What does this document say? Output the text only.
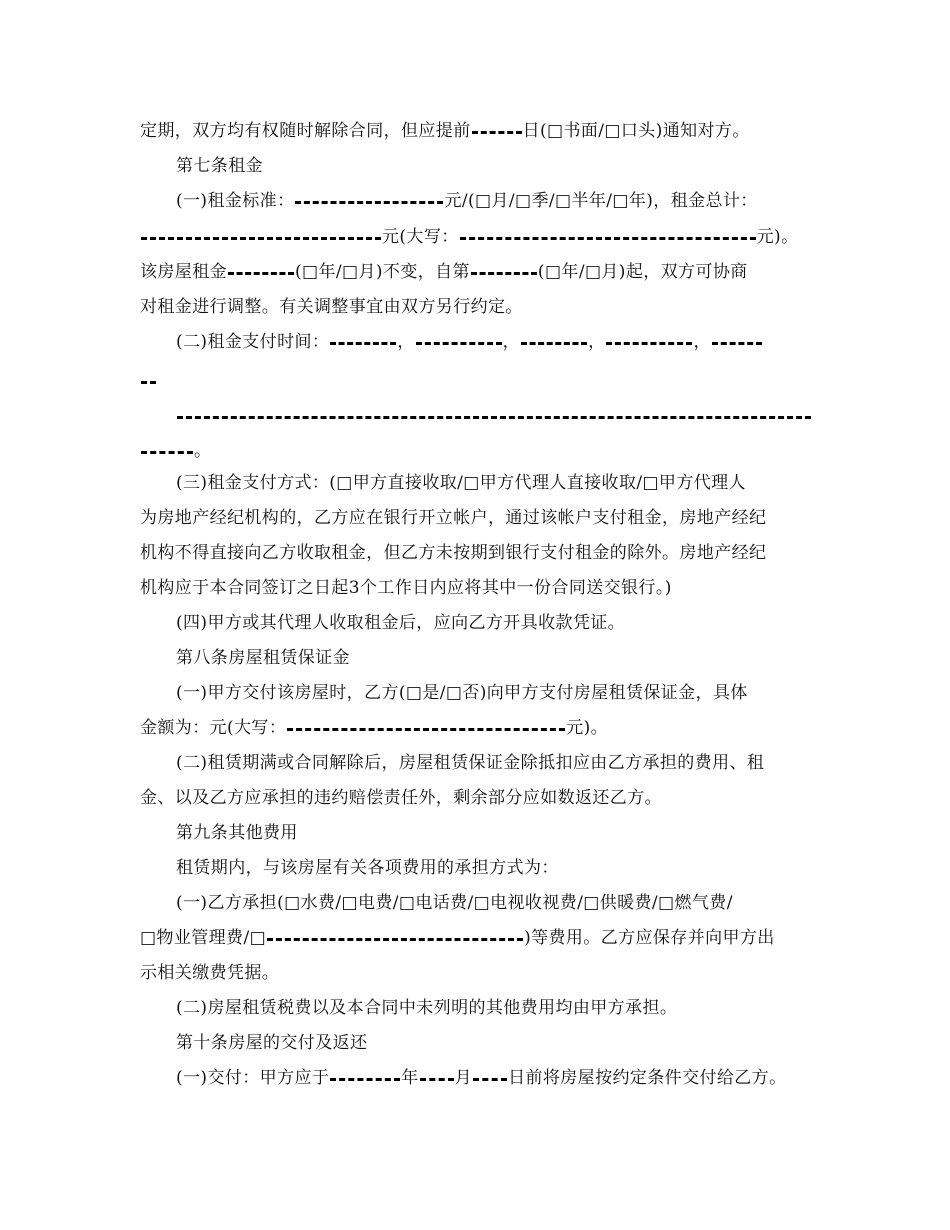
定期，双方均有权随时解除合同，但应提前	日(□书面/□口头)通知对方。
第七条租金
(一)租金标准：	元/(□月/□季/□半年/□年)，租金总计：
元(大写：	元)。
该房屋租金	(□年/□月)不变，自第	(□年/□月)起，双方可协商
对租金进行调整。有关调整事宜由双方另行约定。
(二)租金支付时间：	，	，	，	，
。
(三)租金支付方式：(□甲方直接收取/□甲方代理人直接收取/□甲方代理人
为房地产经纪机构的，乙方应在银行开立帐户，通过该帐户支付租金，房地产经纪
机构不得直接向乙方收取租金，但乙方未按期到银行支付租金的除外。房地产经纪
机构应于本合同签订之日起3个工作日内应将其中一份合同送交银行。)
(四)甲方或其代理人收取租金后，应向乙方开具收款凭证。
第八条房屋租赁保证金
(一)甲方交付该房屋时，乙方(□是/□否)向甲方支付房屋租赁保证金，具体
金额为：元(大写：	元)。
(二)租赁期满或合同解除后，房屋租赁保证金除抵扣应由乙方承担的费用、租
金、以及乙方应承担的违约赔偿责任外，剩余部分应如数返还乙方。
第九条其他费用
租赁期内，与该房屋有关各项费用的承担方式为：
(一)乙方承担(□水费/□电费/□电话费/□电视收视费/□供暖费/□燃气费/
□物业管理费/□	)等费用。乙方应保存并向甲方出
示相关缴费凭据。
(二)房屋租赁税费以及本合同中未列明的其他费用均由甲方承担。
第十条房屋的交付及返还
(一)交付：甲方应于	年 月 日前将房屋按约定条件交付给乙方。
